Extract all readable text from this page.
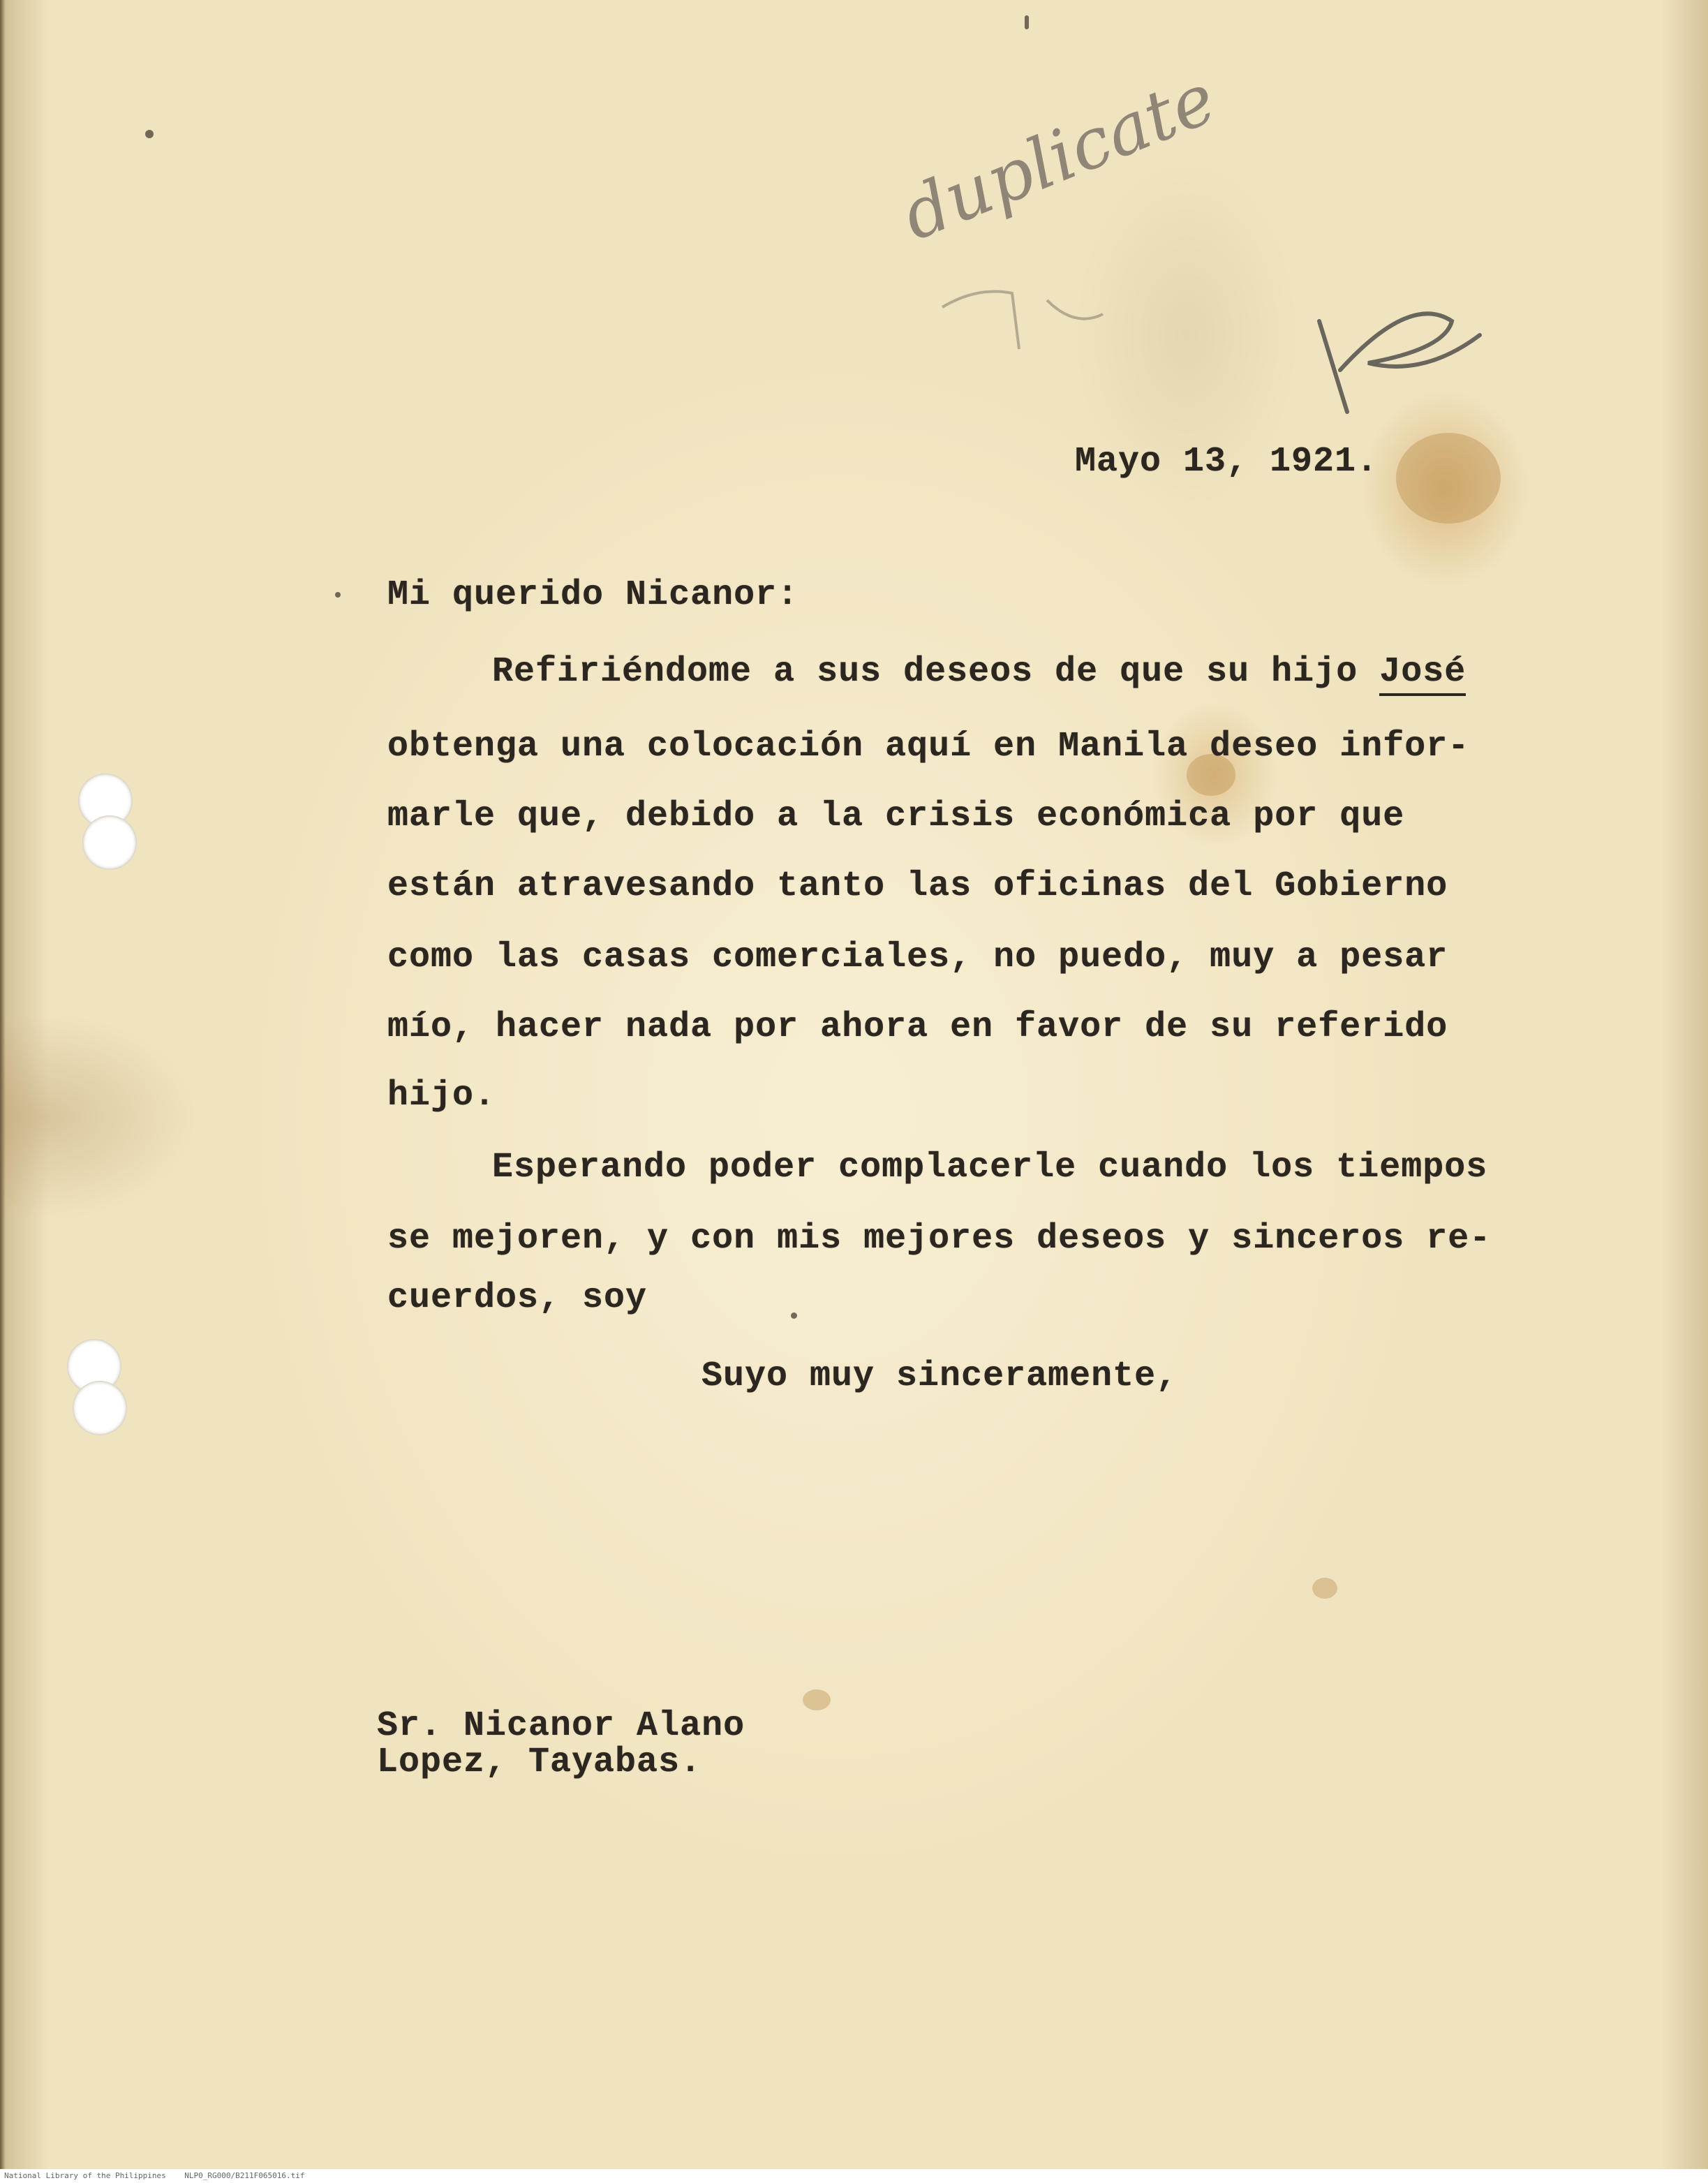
duplicate
Mayo 13, 1921.
Mi querido Nicanor:
Refiriéndome a sus deseos de que su hijo José
obtenga una colocación aquí en Manila deseo infor-
marle que, debido a la crisis económica por que
están atravesando tanto las oficinas del Gobierno
como las casas comerciales, no puedo, muy a pesar
mío, hacer nada por ahora en favor de su referido
hijo.
Esperando poder complacerle cuando los tiempos
se mejoren, y con mis mejores deseos y sinceros re-
cuerdos, soy
Suyo muy sinceramente,
Sr. Nicanor Alano
Lopez, Tayabas.
National Library of the Philippines    NLP0_RG000/B211F065016.tif
